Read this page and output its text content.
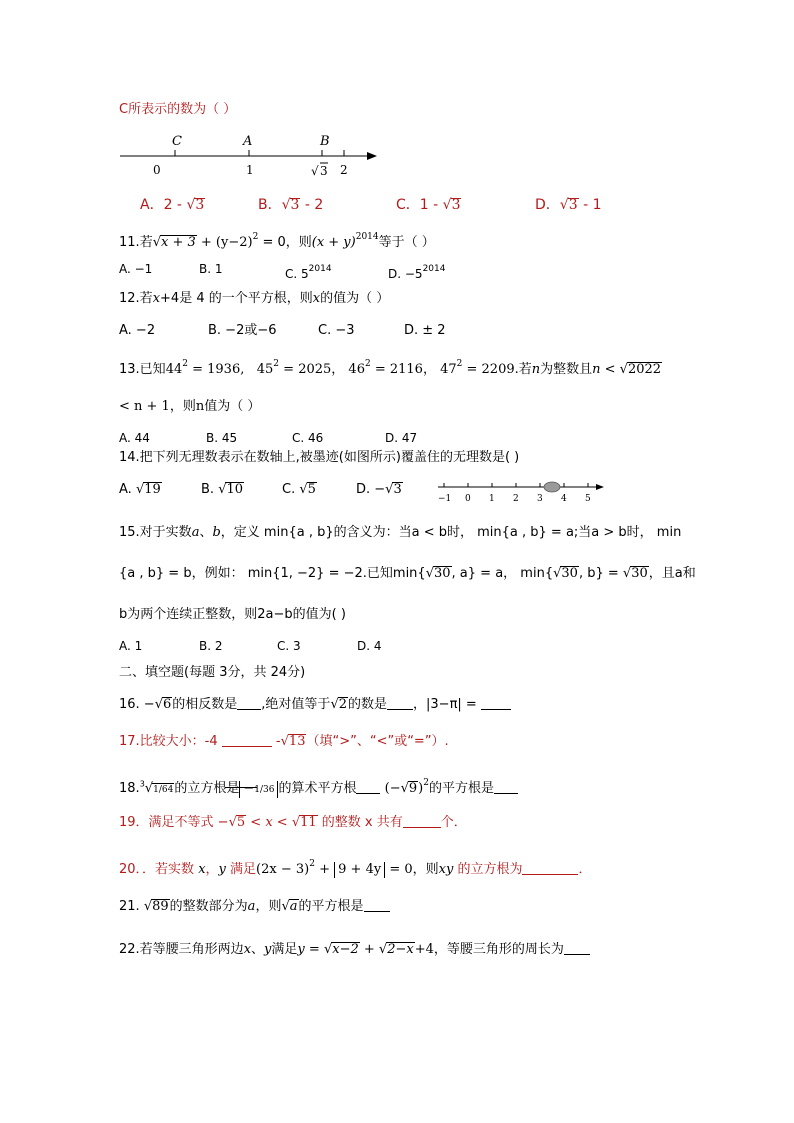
C所表示的数为（ ）
C	A	B
0	1	√ 3 2
A．2 - √3	B．√3 - 2	C．1 - √3	D．√3 - 1
11.若$√x + 3 + (y-2)^2 = 0$，则$(x + y)^{2014}$等于（ ）
A. −1	B. 1	C. $5^{2014}$	D. $-5^{2014}$
12.若x+4是 4 的一个平方根，则x的值为（ ）
A. −2	B. −2或−6	C. −3	D. ± 2
13.已知$44^2 = 1936$, $45^2 = 2025$， $46^2 = 2116$， $47^2 = 2209$.若n为整数且n < √2022
< n + 1，则n值为（ ）
A. 44	B. 45	C. 46	D. 47
14.把下列无理数表示在数轴上,被墨迹(如图所示)覆盖住的无理数是( )
A. √19	B. √10	C. √5	D. −√3
−1 0 1 2 3 4 5
15.对于实数a、b，定义 min{a , b}的含义为：当a < b时， min{a , b} = a;当a > b时， min
{a , b} = b，例如： min{1, −2} = −2.已知min{√30, a} = a， min{√30, b} = √30，且a和
b为两个连续正整数，则2a−b的值为( )
A. 1	B. 2	C. 3	D. 4
二、填空题(每题 3分，共 24分)
16. −√6的相反数是 ,绝对值等于√2的数是 ，|3−π| =
17.比较大小：-4	-√13（填“>”、“<”或“=”）.
18.$^3$√1/64的立方根是 −1/36 的算术平方根 $(-√9)^2$的平方根是
19．满足不等式 −√5 < x < √11 的整数 x 共有	个．
20．．若实数 x，y 满足$(2x - 3)^2 + 9 + 4y = 0$，则xy 的立方根为	．
21. √89的整数部分为a，则√a的平方根是
22.若等腰三角形两边x、y满足y = √x−2 + √2−x+4，等腰三角形的周长为
